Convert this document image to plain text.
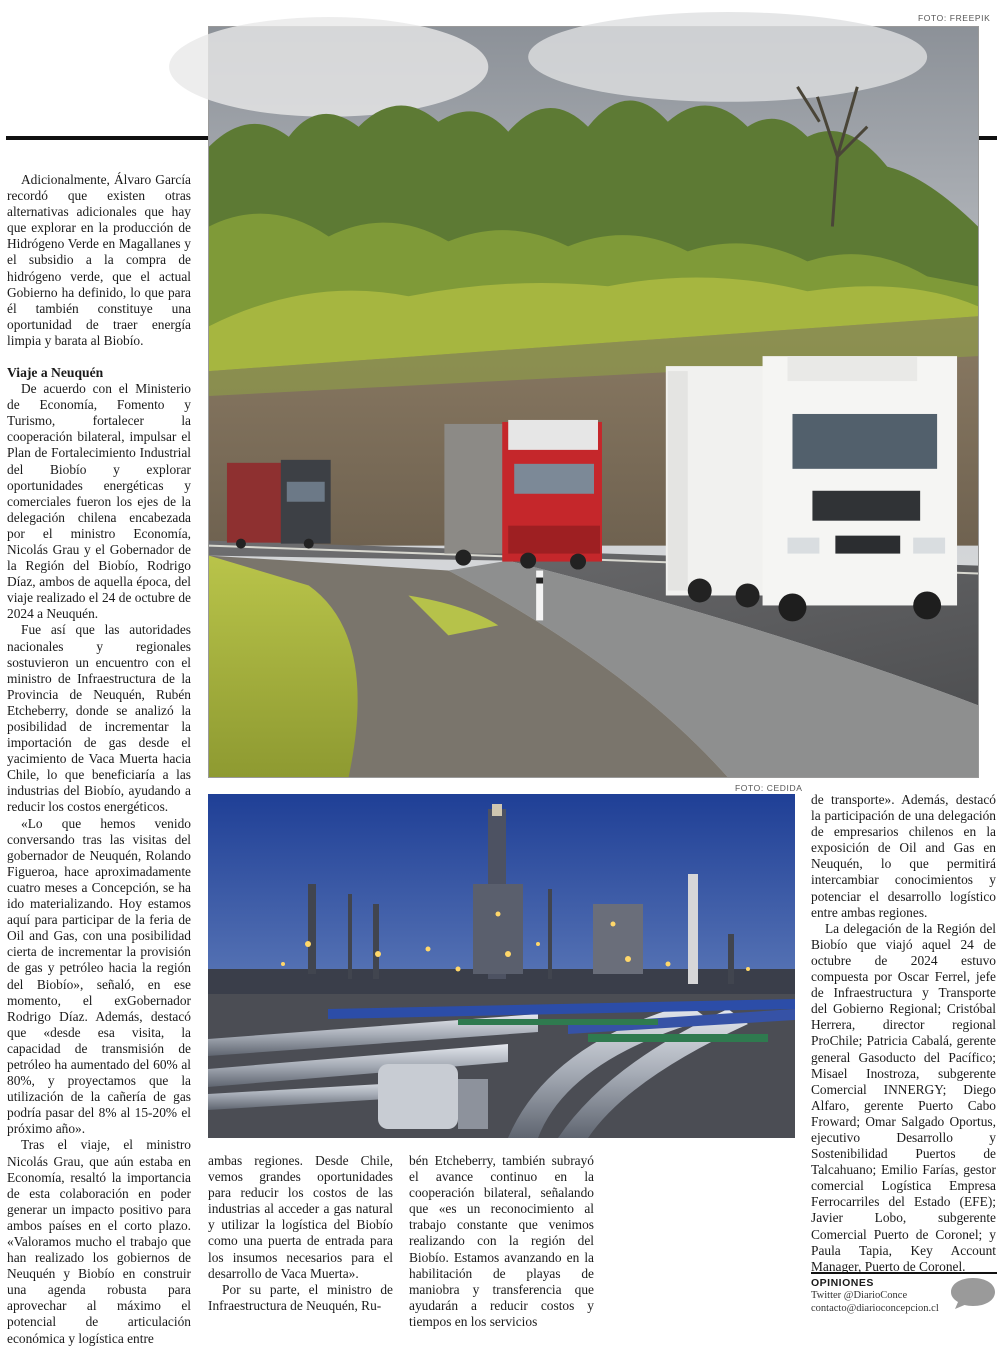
FOTO: FREEPIK
FOTO: CEDIDA

Adicionalmente, Álvaro García recordó que existen otras alternativas adicionales que hay que explorar en la producción de Hidrógeno Verde en Magallanes y el subsidio a la compra de hidrógeno verde, que el actual Gobierno ha definido, lo que para él también constituye una oportunidad de traer energía limpia y barata al Biobío.

Viaje a Neuquén

De acuerdo con el Ministerio de Economía, Fomento y Turismo, fortalecer la cooperación bilateral, impulsar el Plan de Fortalecimiento Industrial del Biobío y explorar oportunidades energéticas y comerciales fueron los ejes de la delegación chilena encabezada por el ministro Economía, Nicolás Grau y el Gobernador de la Región del Biobío, Rodrigo Díaz, ambos de aquella época, del viaje realizado el 24 de octubre de 2024 a Neuquén.

Fue así que las autoridades nacionales y regionales sostuvieron un encuentro con el ministro de Infraestructura de la Provincia de Neuquén, Rubén Etcheberry, donde se analizó la posibilidad de incrementar la importación de gas desde el yacimiento de Vaca Muerta hacia Chile, lo que beneficiaría a las industrias del Biobío, ayudando a reducir los costos energéticos.

«Lo que hemos venido conversando tras las visitas del gobernador de Neuquén, Rolando Figueroa, hace aproximadamente cuatro meses a Concepción, se ha ido materializando. Hoy estamos aquí para participar de la feria de Oil and Gas, con una posibilidad cierta de incrementar la provisión de gas y petróleo hacia la región del Biobío», señaló, en ese momento, el exGobernador Rodrigo Díaz. Además, destacó que «desde esa visita, la capacidad de transmisión de petróleo ha aumentado del 60% al 80%, y proyectamos que la utilización de la cañería de gas podría pasar del 8% al 15-20% el próximo año».

Tras el viaje, el ministro Nicolás Grau, que aún estaba en Economía, resaltó la importancia de esta colaboración en poder generar un impacto positivo para ambos países en el corto plazo. «Valoramos mucho el trabajo que han realizado los gobiernos de Neuquén y Biobío en construir una agenda robusta para aprovechar al máximo el potencial de articulación económica y logística entre

ambas regiones. Desde Chile, vemos grandes oportunidades para reducir los costos de las industrias al acceder a gas natural y utilizar la logística del Biobío como una puerta de entrada para los insumos necesarios para el desarrollo de Vaca Muerta».

Por su parte, el ministro de Infraestructura de Neuquén, Ru-

bén Etcheberry, también subrayó el avance continuo en la cooperación bilateral, señalando que «es un reconocimiento al trabajo constante que venimos realizando con la región del Biobío. Estamos avanzando en la habilitación de playas de maniobra y transferencia que ayudarán a reducir costos y tiempos en los servicios

de transporte». Además, destacó la participación de una delegación de empresarios chilenos en la exposición de Oil and Gas en Neuquén, lo que permitirá intercambiar conocimientos y potenciar el desarrollo logístico entre ambas regiones.

La delegación de la Región del Biobío que viajó aquel 24 de octubre de 2024 estuvo compuesta por Oscar Ferrel, jefe de Infraestructura y Transporte del Gobierno Regional; Cristóbal Herrera, director regional ProChile; Patricia Cabalá, gerente general Gasoducto del Pacífico; Misael Inostroza, subgerente Comercial INNERGY; Diego Alfaro, gerente Puerto Cabo Froward; Omar Salgado Oportus, ejecutivo Desarrollo y Sostenibilidad Puertos de Talcahuano; Emilio Farías, gestor comercial Logística Empresa Ferrocarriles del Estado (EFE); Javier Lobo, subgerente Comercial Puerto de Coronel; y Paula Tapia, Key Account Manager, Puerto de Coronel.

OPINIONES
Twitter @DiarioConce
contacto@diarioconcepcion.cl
